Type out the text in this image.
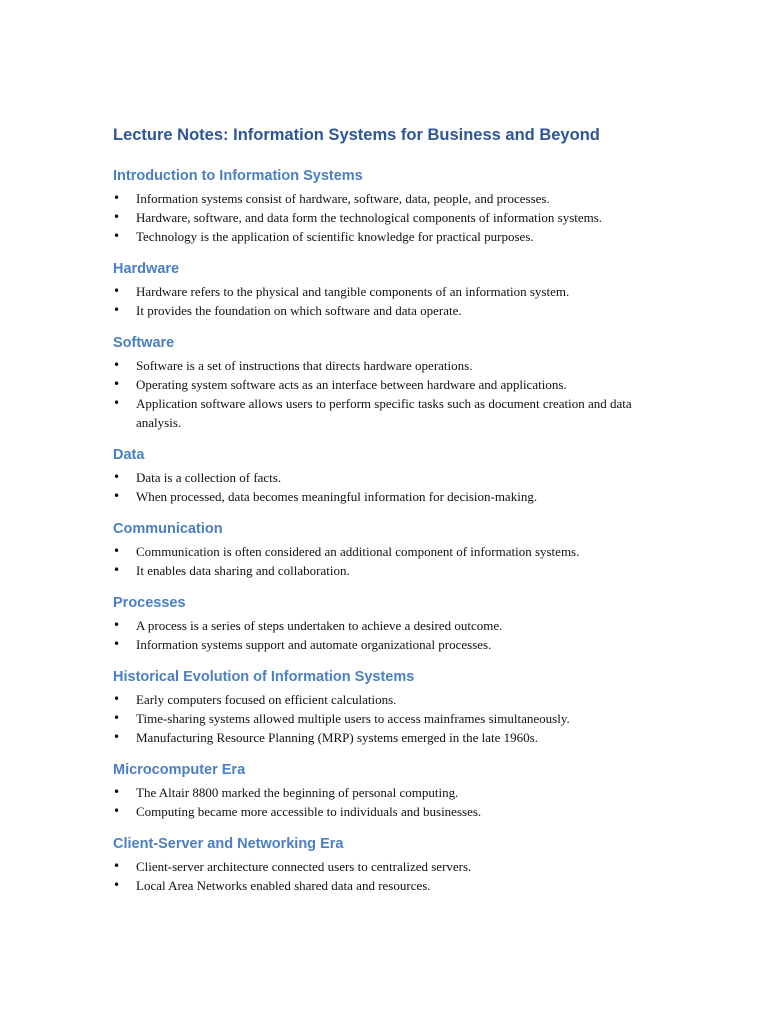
Lecture Notes: Information Systems for Business and Beyond
Introduction to Information Systems
• Information systems consist of hardware, software, data, people, and processes.
• Hardware, software, and data form the technological components of information systems.
• Technology is the application of scientific knowledge for practical purposes.
Hardware
• Hardware refers to the physical and tangible components of an information system.
• It provides the foundation on which software and data operate.
Software
• Software is a set of instructions that directs hardware operations.
• Operating system software acts as an interface between hardware and applications.
• Application software allows users to perform specific tasks such as document creation and data analysis.
Data
• Data is a collection of facts.
• When processed, data becomes meaningful information for decision-making.
Communication
• Communication is often considered an additional component of information systems.
• It enables data sharing and collaboration.
Processes
• A process is a series of steps undertaken to achieve a desired outcome.
• Information systems support and automate organizational processes.
Historical Evolution of Information Systems
• Early computers focused on efficient calculations.
• Time-sharing systems allowed multiple users to access mainframes simultaneously.
• Manufacturing Resource Planning (MRP) systems emerged in the late 1960s.
Microcomputer Era
• The Altair 8800 marked the beginning of personal computing.
• Computing became more accessible to individuals and businesses.
Client-Server and Networking Era
• Client-server architecture connected users to centralized servers.
• Local Area Networks enabled shared data and resources.
